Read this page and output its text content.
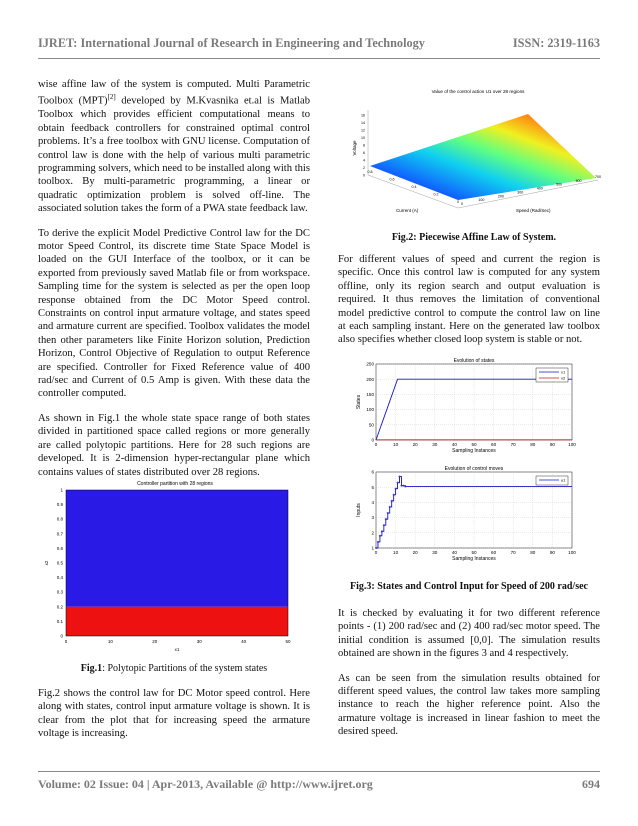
IJRET: International Journal of Research in Engineering and Technology	ISSN: 2319-1163

wise affine law of the system is computed. Multi Parametric Toolbox (MPT)[2] developed by M.Kvasnika et.al is Matlab Toolbox which provides efficient computational means to obtain feedback controllers for constrained optimal control problems. It’s a free toolbox with GNU license. Computation of control law is done with the help of various multi parametric programming solvers, which need to be installed along with this toolbox. By multi-parametric programming, a linear or quadratic optimization problem is solved off-line. The associated solution takes the form of a PWA state feedback law.

To derive the explicit Model Predictive Control law for the DC motor Speed Control, its discrete time State Space Model is loaded on the GUI Interface of the toolbox, or it can be exported from previously saved Matlab file or from workspace. Sampling time for the system is selected as per the open loop response obtained from the DC Motor Speed control. Constraints on control input armature voltage, and states speed and armature current are specified. Toolbox validates the model then other parameters like Finite Horizon solution, Prediction Horizon, Control Objective of Regulation to output Reference are specified. Controller for Fixed Reference value of 400 rad/sec and Current of 0.5 Amp is given. With these data the controller computed.

As shown in Fig.1 the whole state space range of both states divided in partitioned space called regions or more generally are called polytopic partitions. Here for 28 such regions are developed. It is 2-dimension hyper-rectangular plane which contains values of states distributed over 28 regions.

Controller partition with 28 regions
0	10	20	30	40	50
0
0.1
0.2
0.3
0.4
0.5
0.6
0.7
0.8
0.9
1
x1
x2
Fig.1: Polytopic Partitions of the system states

Fig.2 shows the control law for DC Motor speed control. Here along with states, control input armature voltage is shown. It is clear from the plot that for increasing speed the armature voltage is increasing.

Value of the control action U1 over 28 regions
0
2
4
6
8
10
12
14
16
0
0.2
0.4
0.6
0.8
0
100
200
300
400
500
600
700
Voltage
Current (A)	Speed (Rad/Sec)
Fig.2: Piecewise Affine Law of System.
For different values of speed and current the region is specific. Once this control law is computed for any system offline, only its region search and output evaluation is required. It thus removes the limitation of conventional model predictive control to compute the control law on line at each sampling instant. Here on the generated law toolbox also specifies whether closed loop system is stable or not.
Evolution of states
0	10	20	30	40	50	60	70	80	90	100
0
50
100
150
200
250
Sampling Instances
States
x1
x2
Evolution of control moves
0	10	20	30	40	50	60	70	80	90	100
1
2
3
4
5
6
Sampling Instances
Inputs
u1
Fig.3: States and Control Input for Speed of 200 rad/sec

It is checked by evaluating it for two different reference points - (1) 200 rad/sec and (2) 400 rad/sec motor speed. The initial condition is assumed [0,0]. The simulation results obtained are shown in the figures 3 and 4 respectively.

As can be seen from the simulation results obtained for different speed values, the control law takes more sampling instance to reach the higher reference point. Also the armature voltage is increased in linear fashion to meet the desired speed.

Volume: 02 Issue: 04 | Apr-2013, Available @ http://www.ijret.org	694
